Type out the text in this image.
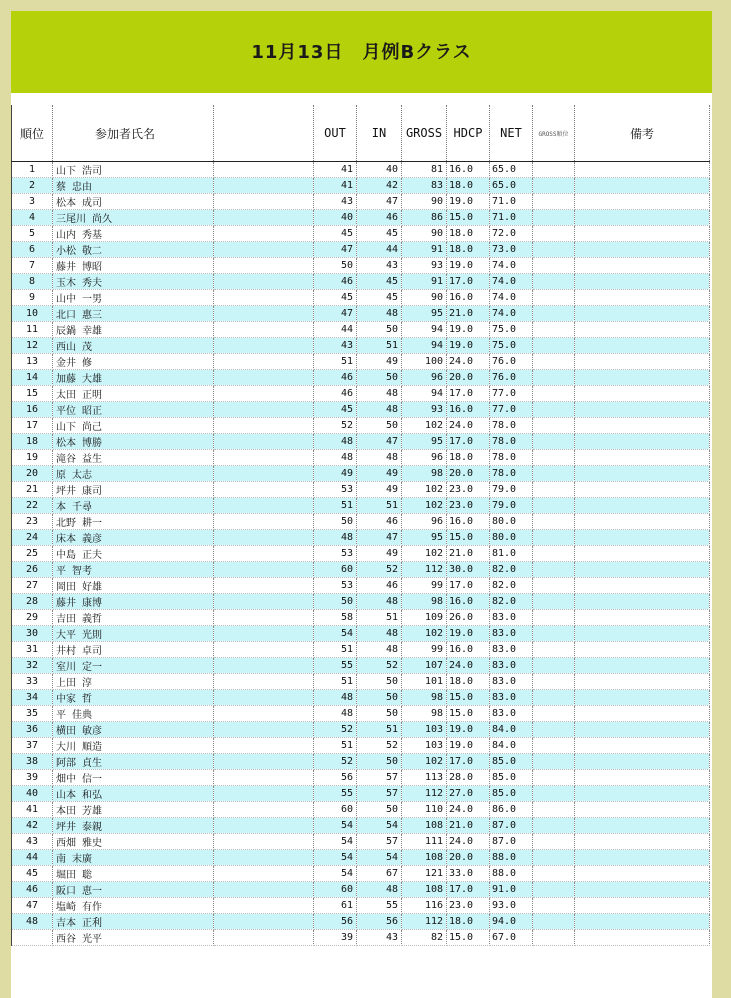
11月13日　月例Bクラス
順位	参加者氏名		OUT	IN	GROSS	HDCP	NET	GROSS順位	備考
1	山下 浩司		41	40	81	16.0	65.0		
2	蔡 忠由		41	42	83	18.0	65.0		
3	松本 成司		43	47	90	19.0	71.0		
4	三尾川 尚久		40	46	86	15.0	71.0		
5	山内 秀基		45	45	90	18.0	72.0		
6	小松 敬二		47	44	91	18.0	73.0		
7	藤井 博昭		50	43	93	19.0	74.0		
8	玉木 秀夫		46	45	91	17.0	74.0		
9	山中 一男		45	45	90	16.0	74.0		
10	北口 惠三		47	48	95	21.0	74.0		
11	辰鍋 幸雄		44	50	94	19.0	75.0		
12	西山 茂		43	51	94	19.0	75.0		
13	金井 修		51	49	100	24.0	76.0		
14	加藤 大雄		46	50	96	20.0	76.0		
15	太田 正明		46	48	94	17.0	77.0		
16	平位 昭正		45	48	93	16.0	77.0		
17	山下 尚己		52	50	102	24.0	78.0		
18	松本 博勝		48	47	95	17.0	78.0		
19	滝谷 益生		48	48	96	18.0	78.0		
20	原 太志		49	49	98	20.0	78.0		
21	坪井 康司		53	49	102	23.0	79.0		
22	本 千尋		51	51	102	23.0	79.0		
23	北野 耕一		50	46	96	16.0	80.0		
24	床本 義彦		48	47	95	15.0	80.0		
25	中島 正夫		53	49	102	21.0	81.0		
26	平 智考		60	52	112	30.0	82.0		
27	岡田 好雄		53	46	99	17.0	82.0		
28	藤井 康博		50	48	98	16.0	82.0		
29	吉田 義哲		58	51	109	26.0	83.0		
30	大平 光則		54	48	102	19.0	83.0		
31	井村 卓司		51	48	99	16.0	83.0		
32	室川 定一		55	52	107	24.0	83.0		
33	上田 淳		51	50	101	18.0	83.0		
34	中家 哲		48	50	98	15.0	83.0		
35	平 佳典		48	50	98	15.0	83.0		
36	横田 敏彦		52	51	103	19.0	84.0		
37	大川 順造		51	52	103	19.0	84.0		
38	阿部 貞生		52	50	102	17.0	85.0		
39	畑中 信一		56	57	113	28.0	85.0		
40	山本 和弘		55	57	112	27.0	85.0		
41	本田 芳雄		60	50	110	24.0	86.0		
42	坪井 泰親		54	54	108	21.0	87.0		
43	西畑 雅史		54	57	111	24.0	87.0		
44	南 末廣		54	54	108	20.0	88.0		
45	堀田 聡		54	67	121	33.0	88.0		
46	阪口 恵一		60	48	108	17.0	91.0		
47	塩崎 有作		61	55	116	23.0	93.0		
48	吉本 正利		56	56	112	18.0	94.0		
	西谷 光平		39	43	82	15.0	67.0		
